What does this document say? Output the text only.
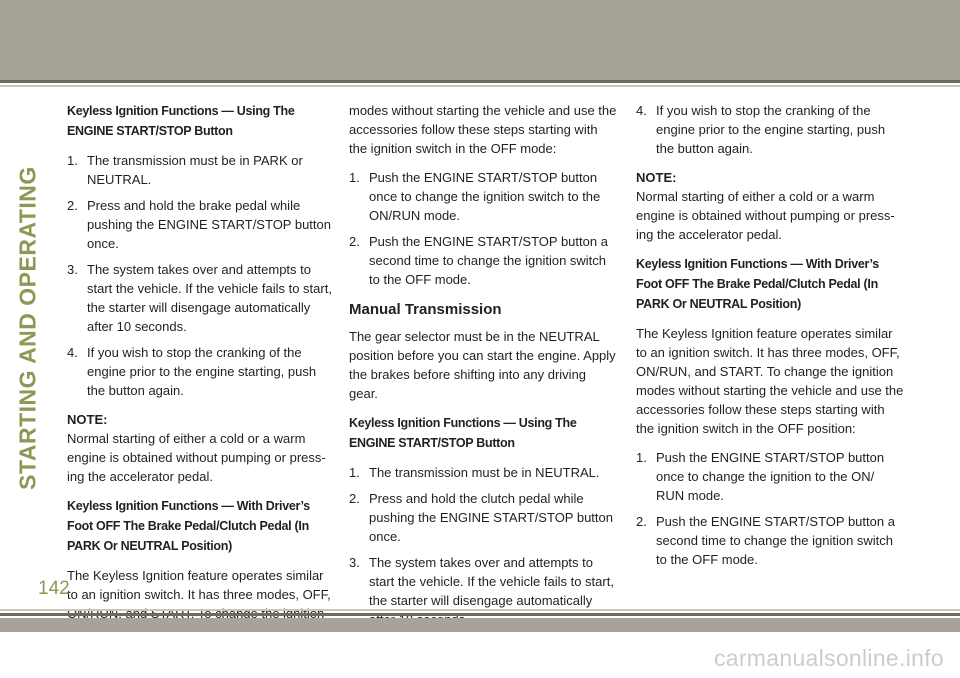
STARTING AND OPERATING
Keyless Ignition Functions — Using The ENGINE START/STOP Button
1. The transmission must be in PARK or NEUTRAL.
2. Press and hold the brake pedal while pushing the ENGINE START/STOP button once.
3. The system takes over and attempts to start the vehicle. If the vehicle fails to start, the starter will disengage automatically after 10 seconds.
4. If you wish to stop the cranking of the engine prior to the engine starting, push the button again.
NOTE:
Normal starting of either a cold or a warm engine is obtained without pumping or pressing the accelerator pedal.
Keyless Ignition Functions — With Driver’s Foot OFF The Brake Pedal/Clutch Pedal (In PARK Or NEUTRAL Position)
The Keyless Ignition feature operates similar to an ignition switch. It has three modes, OFF,
modes without starting the vehicle and use the accessories follow these steps starting with the ignition switch in the OFF mode:
1. Push the ENGINE START/STOP button once to change the ignition switch to the ON/RUN mode.
2. Push the ENGINE START/STOP button a second time to change the ignition switch to the OFF mode.
Manual Transmission
The gear selector must be in the NEUTRAL position before you can start the engine. Apply the brakes before shifting into any driving gear.
Keyless Ignition Functions — Using The ENGINE START/STOP Button
1. The transmission must be in NEUTRAL.
2. Press and hold the clutch pedal while pushing the ENGINE START/STOP button once.
3. The system takes over and attempts to start the vehicle. If the vehicle fails to start, the starter will disengage automatically
4. If you wish to stop the cranking of the engine prior to the engine starting, push the button again.
NOTE:
Normal starting of either a cold or a warm engine is obtained without pumping or pressing the accelerator pedal.
Keyless Ignition Functions — With Driver’s Foot OFF The Brake Pedal/Clutch Pedal (In PARK Or NEUTRAL Position)
The Keyless Ignition feature operates similar to an ignition switch. It has three modes, OFF, ON/RUN, and START. To change the ignition modes without starting the vehicle and use the accessories follow these steps starting with the ignition switch in the OFF position:
1. Push the ENGINE START/STOP button once to change the ignition to the ON/ RUN mode.
2. Push the ENGINE START/STOP button a second time to change the ignition switch to the OFF mode.
142
carmanualsonline.info
